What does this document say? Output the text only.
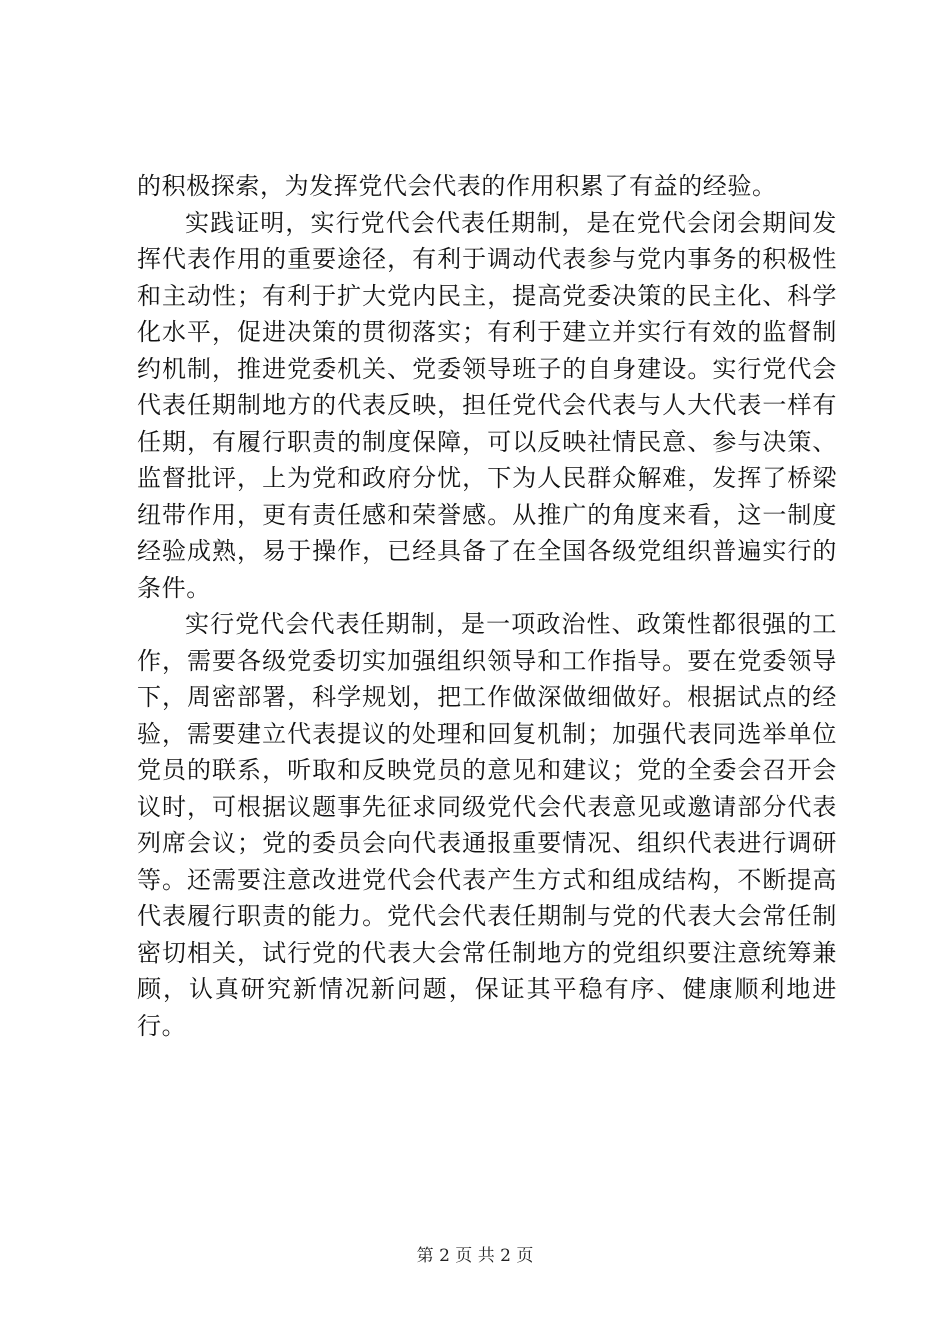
的积极探索，为发挥党代会代表的作用积累了有益的经验。

实践证明，实行党代会代表任期制，是在党代会闭会期间发挥代表作用的重要途径，有利于调动代表参与党内事务的积极性和主动性；有利于扩大党内民主，提高党委决策的民主化、科学化水平，促进决策的贯彻落实；有利于建立并实行有效的监督制约机制，推进党委机关、党委领导班子的自身建设。实行党代会代表任期制地方的代表反映，担任党代会代表与人大代表一样有任期，有履行职责的制度保障，可以反映社情民意、参与决策、监督批评，上为党和政府分忧，下为人民群众解难，发挥了桥梁纽带作用，更有责任感和荣誉感。从推广的角度来看，这一制度经验成熟，易于操作，已经具备了在全国各级党组织普遍实行的条件。

实行党代会代表任期制，是一项政治性、政策性都很强的工作，需要各级党委切实加强组织领导和工作指导。要在党委领导下，周密部署，科学规划，把工作做深做细做好。根据试点的经验，需要建立代表提议的处理和回复机制；加强代表同选举单位党员的联系，听取和反映党员的意见和建议；党的全委会召开会议时，可根据议题事先征求同级党代会代表意见或邀请部分代表列席会议；党的委员会向代表通报重要情况、组织代表进行调研等。还需要注意改进党代会代表产生方式和组成结构，不断提高代表履行职责的能力。党代会代表任期制与党的代表大会常任制密切相关，试行党的代表大会常任制地方的党组织要注意统筹兼顾，认真研究新情况新问题，保证其平稳有序、健康顺利地进行。

第 2 页 共 2 页
